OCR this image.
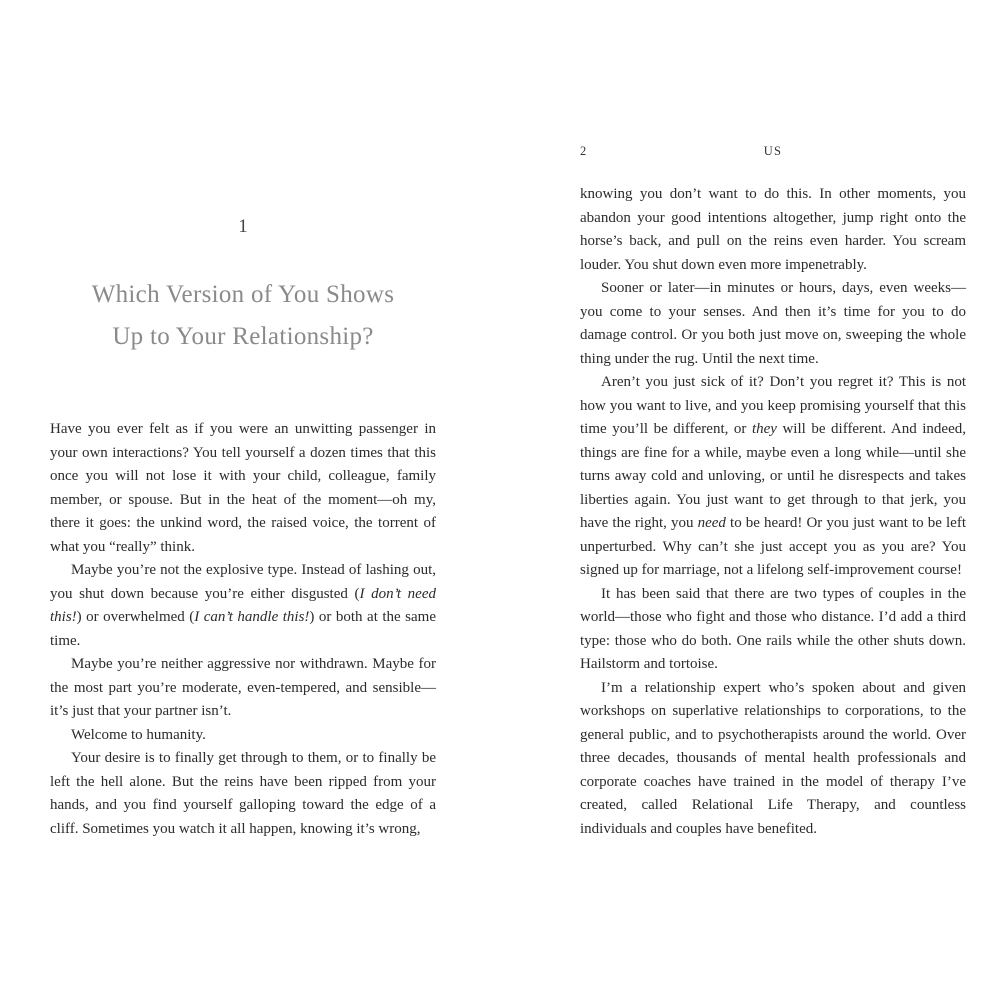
1
Which Version of You Shows
Up to Your Relationship?

Have you ever felt as if you were an unwitting passenger in your own interactions? You tell yourself a dozen times that this once you will not lose it with your child, colleague, family member, or spouse. But in the heat of the moment—oh my, there it goes: the unkind word, the raised voice, the torrent of what you “really” think.

Maybe you’re not the explosive type. Instead of lashing out, you shut down because you’re either disgusted (I don’t need this!) or overwhelmed (I can’t handle this!) or both at the same time.

Maybe you’re neither aggressive nor withdrawn. Maybe for the most part you’re moderate, even-tempered, and sensible—it’s just that your partner isn’t.

Welcome to humanity.

Your desire is to finally get through to them, or to finally be left the hell alone. But the reins have been ripped from your hands, and you find yourself galloping toward the edge of a cliff. Sometimes you watch it all happen, knowing it’s wrong,

2	US

knowing you don’t want to do this. In other moments, you abandon your good intentions altogether, jump right onto the horse’s back, and pull on the reins even harder. You scream louder. You shut down even more impenetrably.

Sooner or later—in minutes or hours, days, even weeks—you come to your senses. And then it’s time for you to do damage control. Or you both just move on, sweeping the whole thing under the rug. Until the next time.

Aren’t you just sick of it? Don’t you regret it? This is not how you want to live, and you keep promising yourself that this time you’ll be different, or they will be different. And indeed, things are fine for a while, maybe even a long while—until she turns away cold and unloving, or until he disrespects and takes liberties again. You just want to get through to that jerk, you have the right, you need to be heard! Or you just want to be left unperturbed. Why can’t she just accept you as you are? You signed up for marriage, not a lifelong self-improvement course!

It has been said that there are two types of couples in the world—those who fight and those who distance. I’d add a third type: those who do both. One rails while the other shuts down. Hailstorm and tortoise.

I’m a relationship expert who’s spoken about and given workshops on superlative relationships to corporations, to the general public, and to psychotherapists around the world. Over three decades, thousands of mental health professionals and corporate coaches have trained in the model of therapy I’ve created, called Relational Life Therapy, and countless individuals and couples have benefited.
